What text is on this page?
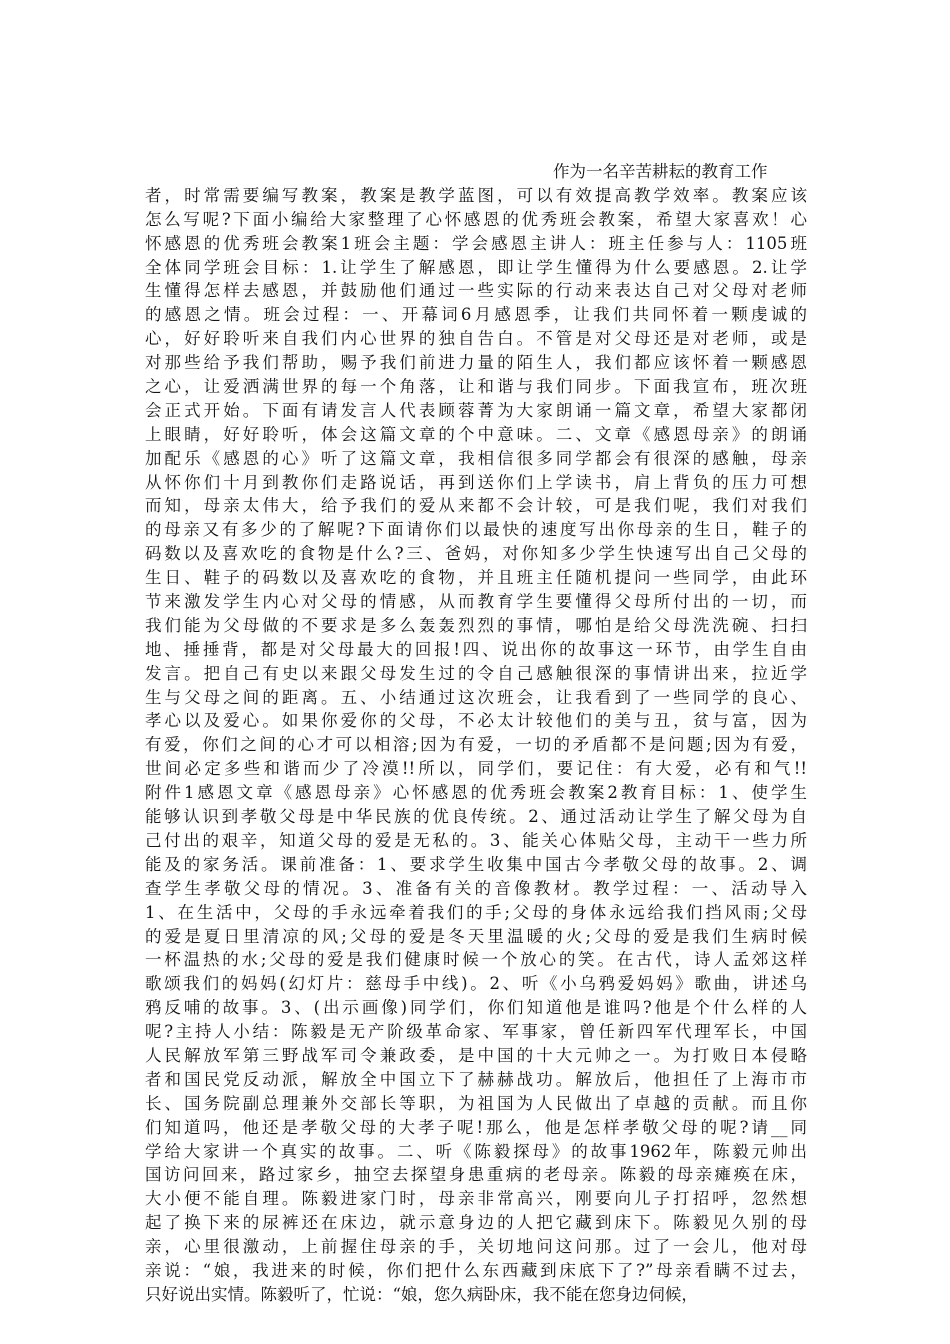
作为一名辛苦耕耘的教育工作
者，时常需要编写教案，教案是教学蓝图，可以有效提高教学效率。教案应该
怎么写呢?下面小编给大家整理了心怀感恩的优秀班会教案，希望大家喜欢！心
怀感恩的优秀班会教案1班会主题：学会感恩主讲人：班主任参与人：1105班
全体同学班会目标：1.让学生了解感恩，即让学生懂得为什么要感恩。2.让学
生懂得怎样去感恩，并鼓励他们通过一些实际的行动来表达自己对父母对老师
的感恩之情。班会过程：一、开幕词6月感恩季，让我们共同怀着一颗虔诚的
心，好好聆听来自我们内心世界的独自告白。不管是对父母还是对老师，或是
对那些给予我们帮助，赐予我们前进力量的陌生人，我们都应该怀着一颗感恩
之心，让爱洒满世界的每一个角落，让和谐与我们同步。下面我宣布，班次班
会正式开始。下面有请发言人代表顾蓉菁为大家朗诵一篇文章，希望大家都闭
上眼睛，好好聆听，体会这篇文章的个中意味。二、文章《感恩母亲》的朗诵
加配乐《感恩的心》听了这篇文章，我相信很多同学都会有很深的感触，母亲
从怀你们十月到教你们走路说话，再到送你们上学读书，肩上背负的压力可想
而知，母亲太伟大，给予我们的爱从来都不会计较，可是我们呢，我们对我们
的母亲又有多少的了解呢?下面请你们以最快的速度写出你母亲的生日，鞋子的
码数以及喜欢吃的食物是什么?三、爸妈，对你知多少学生快速写出自己父母的
生日、鞋子的码数以及喜欢吃的食物，并且班主任随机提问一些同学，由此环
节来激发学生内心对父母的情感，从而教育学生要懂得父母所付出的一切，而
我们能为父母做的不要求是多么轰轰烈烈的事情，哪怕是给父母洗洗碗、扫扫
地、捶捶背，都是对父母最大的回报!四、说出你的故事这一环节，由学生自由
发言。把自己有史以来跟父母发生过的令自己感触很深的事情讲出来，拉近学
生与父母之间的距离。五、小结通过这次班会，让我看到了一些同学的良心、
孝心以及爱心。如果你爱你的父母，不必太计较他们的美与丑，贫与富，因为
有爱，你们之间的心才可以相溶;因为有爱，一切的矛盾都不是问题;因为有爱，
世间必定多些和谐而少了冷漠!!所以，同学们，要记住：有大爱，必有和气!!
附件1感恩文章《感恩母亲》心怀感恩的优秀班会教案2教育目标：1、使学生
能够认识到孝敬父母是中华民族的优良传统。2、通过活动让学生了解父母为自
己付出的艰辛，知道父母的爱是无私的。3、能关心体贴父母，主动干一些力所
能及的家务活。课前准备：1、要求学生收集中国古今孝敬父母的故事。2、调
查学生孝敬父母的情况。3、准备有关的音像教材。教学过程：一、活动导入
1、在生活中，父母的手永远牵着我们的手;父母的身体永远给我们挡风雨;父母
的爱是夏日里清凉的风;父母的爱是冬天里温暖的火;父母的爱是我们生病时候
一杯温热的水;父母的爱是我们健康时候一个放心的笑。在古代，诗人孟郊这样
歌颂我们的妈妈(幻灯片：慈母手中线)。2、听《小乌鸦爱妈妈》歌曲，讲述乌
鸦反哺的故事。3、(出示画像)同学们，你们知道他是谁吗?他是个什么样的人
呢?主持人小结：陈毅是无产阶级革命家、军事家，曾任新四军代理军长，中国
人民解放军第三野战军司令兼政委，是中国的十大元帅之一。为打败日本侵略
者和国民党反动派，解放全中国立下了赫赫战功。解放后，他担任了上海市市
长、国务院副总理兼外交部长等职，为祖国为人民做出了卓越的贡献。而且你
们知道吗，他还是孝敬父母的大孝子呢!那么，他是怎样孝敬父母的呢?请__同
学给大家讲一个真实的故事。二、听《陈毅探母》的故事1962年，陈毅元帅出
国访问回来，路过家乡，抽空去探望身患重病的老母亲。陈毅的母亲瘫痪在床，
大小便不能自理。陈毅进家门时，母亲非常高兴，刚要向儿子打招呼，忽然想
起了换下来的尿裤还在床边，就示意身边的人把它藏到床下。陈毅见久别的母
亲，心里很激动，上前握住母亲的手，关切地问这问那。过了一会儿，他对母
亲说：“娘，我进来的时候，你们把什么东西藏到床底下了?”母亲看瞒不过去，
只好说出实情。陈毅听了，忙说：“娘，您久病卧床，我不能在您身边伺候，
